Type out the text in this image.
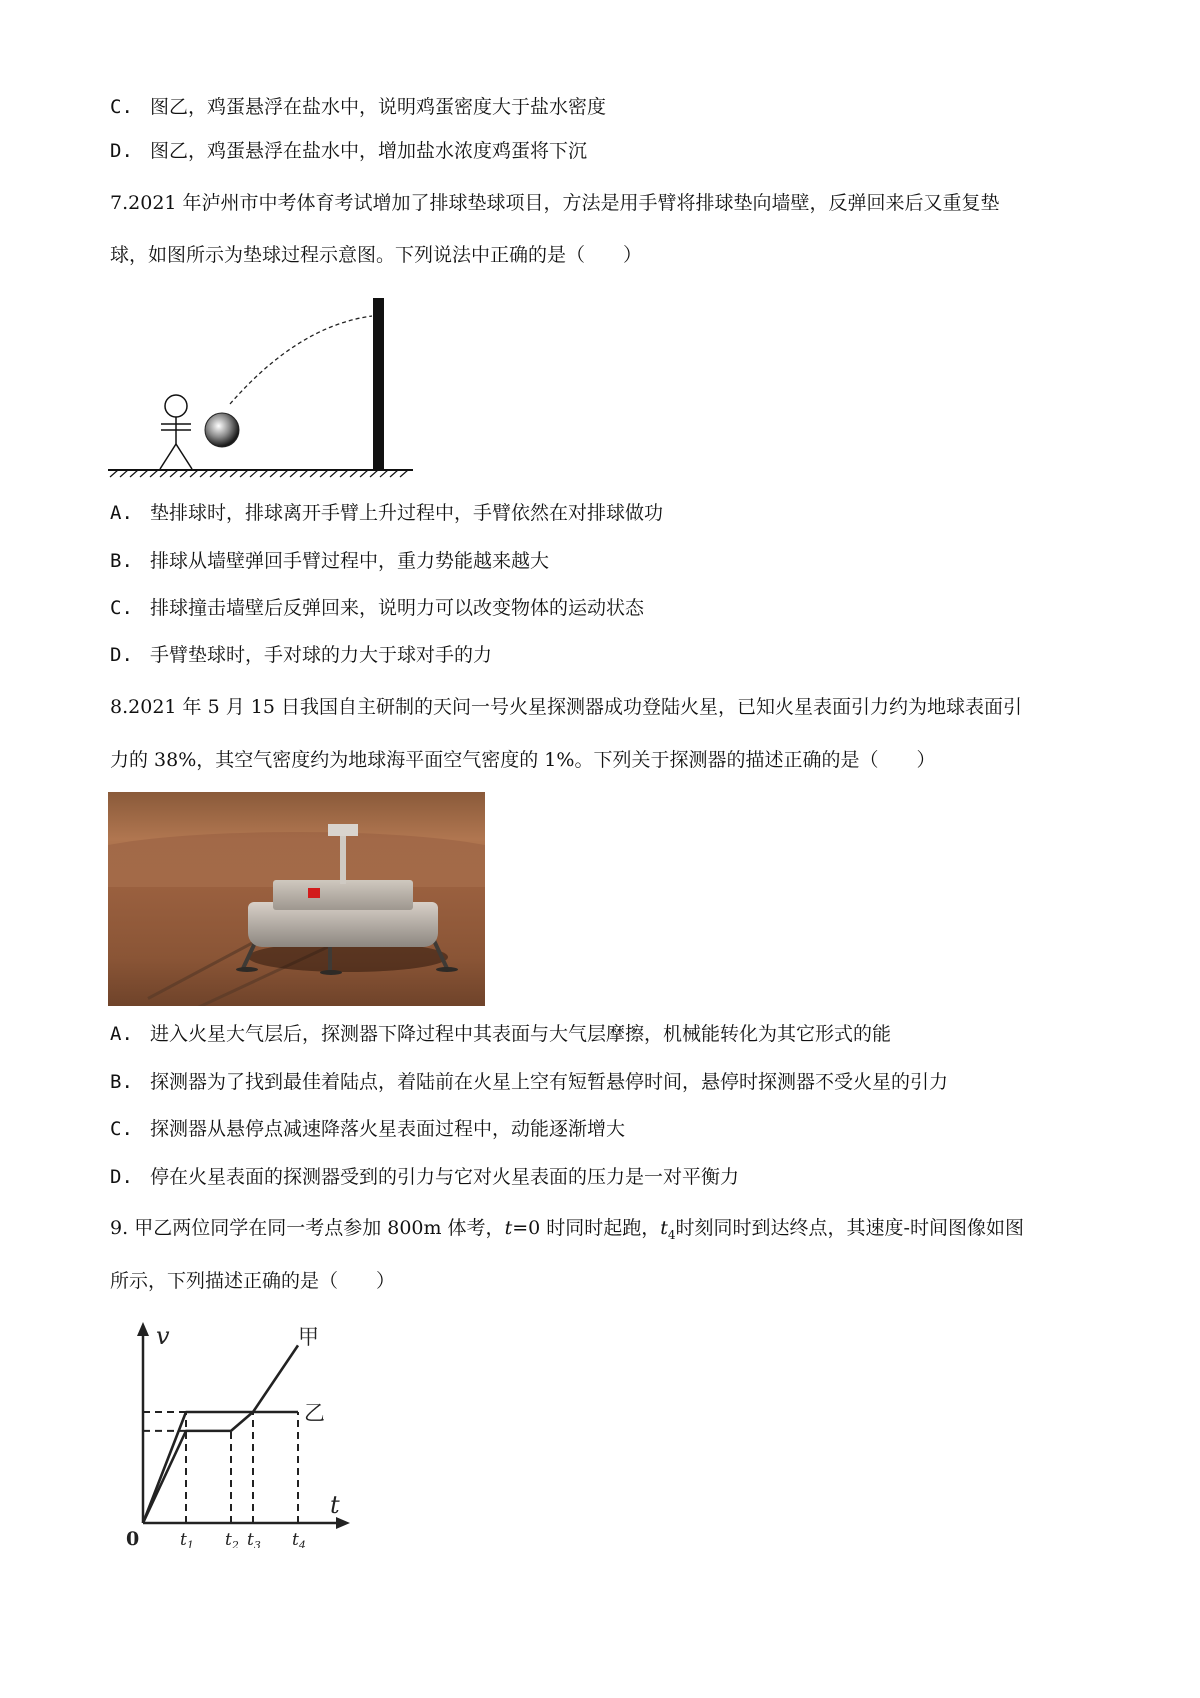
C. 图乙，鸡蛋悬浮在盐水中，说明鸡蛋密度大于盐水密度
D. 图乙，鸡蛋悬浮在盐水中，增加盐水浓度鸡蛋将下沉
7.2021 年泸州市中考体育考试增加了排球垫球项目，方法是用手臂将排球垫向墙壁，反弹回来后又重复垫
球，如图所示为垫球过程示意图。下列说法中正确的是（　　）
A. 垫排球时，排球离开手臂上升过程中，手臂依然在对排球做功
B. 排球从墙壁弹回手臂过程中，重力势能越来越大
C. 排球撞击墙壁后反弹回来，说明力可以改变物体的运动状态
D. 手臂垫球时，手对球的力大于球对手的力
8.2021 年 5 月 15 日我国自主研制的天问一号火星探测器成功登陆火星，已知火星表面引力约为地球表面引
力的 38%，其空气密度约为地球海平面空气密度的 1%。下列关于探测器的描述正确的是（　　）
A. 进入火星大气层后，探测器下降过程中其表面与大气层摩擦，机械能转化为其它形式的能
B. 探测器为了找到最佳着陆点，着陆前在火星上空有短暂悬停时间，悬停时探测器不受火星的引力
C. 探测器从悬停点减速降落火星表面过程中，动能逐渐增大
D. 停在火星表面的探测器受到的引力与它对火星表面的压力是一对平衡力
9. 甲乙两位同学在同一考点参加 800m 体考，t=0 时同时起跑，$t_4$时刻同时到达终点，其速度-时间图像如图
所示，下列描述正确的是（　　）
v
t
0 $t_1$ $t_2$ $t_3$ $t_4$
甲
乙
